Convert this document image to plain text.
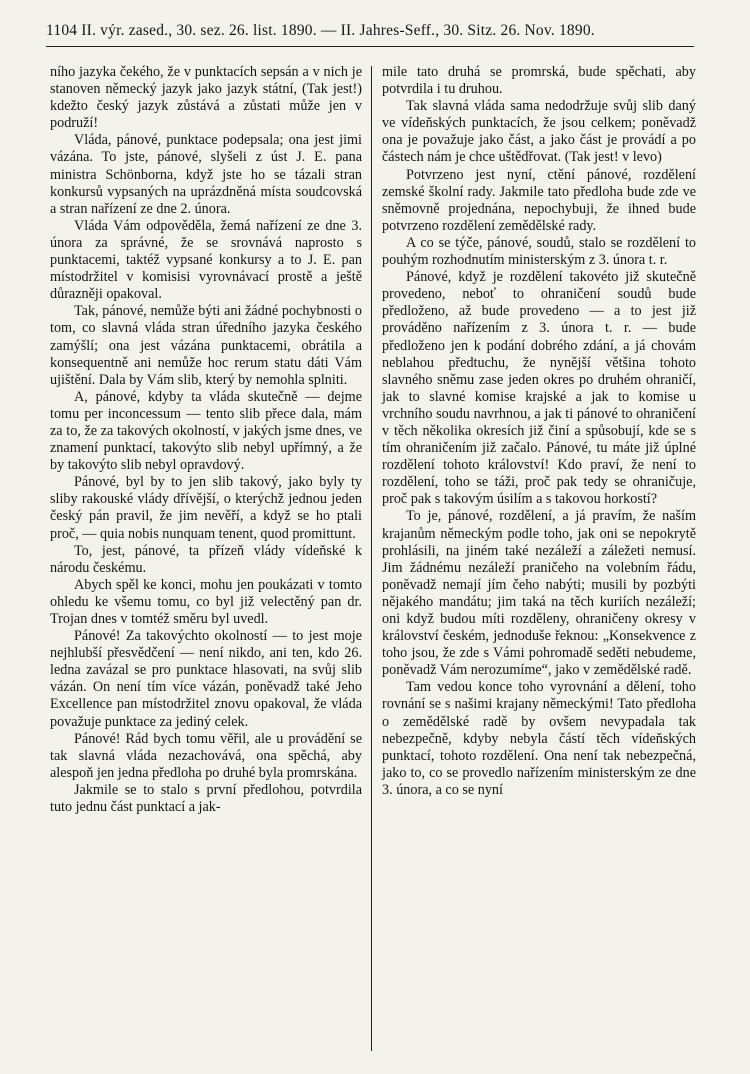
1104 II. výr. zased., 30. sez. 26. list. 1890. — II. Jahres-Seff., 30. Sitz. 26. Nov. 1890.

ního jazyka čekého, že v punktacích sepsán a v nich je stanoven německý jazyk jako jazyk státní, (Tak jest!) kdežto český jazyk zůstává a zůstati může jen v podruží!

Vláda, pánové, punktace podepsala; ona jest jimi vázána. To jste, pánové, slyšeli z úst J. E. pana ministra Schönborna, když jste ho se tázali stran konkursů vypsaných na uprázdněná místa soudcovská a stran nařízení ze dne 2. února.

Vláda Vám odpověděla, žemá nařízení ze dne 3. února za správné, že se srovnává naprosto s punktacemi, taktéž vypsané konkursy a to J. E. pan místodržitel v komisisi vyrovnávací prostě a ještě důrazněji opakoval.

Tak, pánové, nemůže býti ani žádné pochybnosti o tom, co slavná vláda stran úředního jazyka českého zamýšlí; ona jest vázána punktacemi, obrátila a konsequentně ani nemůže hoc rerum statu dáti Vám ujištění. Dala by Vám slib, který by nemohla splniti.

A, pánové, kdyby ta vláda skutečně — dejme tomu per inconcessum — tento slib přece dala, mám za to, že za takových okolností, v jakých jsme dnes, ve znamení punktací, takovýto slib nebyl upřímný, a že by takovýto slib nebyl opravdový.

Pánové, byl by to jen slib takový, jako byly ty sliby rakouské vlády dřívější, o kterýchž jednou jeden český pán pravil, že jim nevěří, a když se ho ptali proč, — quia nobis nunquam tenent, quod promittunt.

To, jest, pánové, ta přízeň vlády vídeňské k národu českému.

Abych spěl ke konci, mohu jen poukázati v tomto ohledu ke všemu tomu, co byl již velectěný pan dr. Trojan dnes v tomtéž směru byl uvedl.

Pánové! Za takovýchto okolností — to jest moje nejhlubší přesvědčení — není nikdo, ani ten, kdo 26. ledna zavázal se pro punktace hlasovati, na svůj slib vázán. On není tím více vázán, poněvadž také Jeho Excellence pan místodržitel znovu opakoval, že vláda považuje punktace za jediný celek.

Pánové! Rád bych tomu věřil, ale u provádění se tak slavná vláda nezachovává, ona spěchá, aby alespoň jen jedna předloha po druhé byla promrskána.

Jakmile se to stalo s první předlohou, potvrdila tuto jednu část punktací a jak-

mile tato druhá se promrská, bude spěchati, aby potvrdila i tu druhou.

Tak slavná vláda sama nedodržuje svůj slib daný ve vídeňských punktacích, že jsou celkem; poněvadž ona je považuje jako část, a jako část je provádí a po částech nám je chce uštědřovat. (Tak jest! v levo)

Potvrzeno jest nyní, ctění pánové, rozdělení zemské školní rady. Jakmile tato předloha bude zde ve sněmovně projednána, nepochybuji, že ihned bude potvrzeno rozdělení zemědělské rady.

A co se týče, pánové, soudů, stalo se rozdělení to pouhým rozhodnutím ministerským z 3. února t. r.

Pánové, když je rozdělení takovéto již skutečně provedeno, neboť to ohraničení soudů bude předloženo, až bude provedeno — a to jest již prováděno nařízením z 3. února t. r. — bude předloženo jen k podání dobrého zdání, a já chovám neblahou předtuchu, že nynější většina tohoto slavného sněmu zase jeden okres po druhém ohraničí, jak to slavné komise krajské a jak to komise u vrchního soudu navrhnou, a jak ti pánové to ohraničení v těch několika okresích již činí a spůsobují, kde se s tím ohraničením již začalo. Pánové, tu máte již úplné rozdělení tohoto království! Kdo praví, že není to rozdělení, toho se táži, proč pak tedy se ohraničuje, proč pak s takovým úsilím a s takovou horkostí?

To je, pánové, rozdělení, a já pravím, že naším krajanům německým podle toho, jak oni se nepokrytě prohlásili, na jiném také nezáleží a záležeti nemusí. Jim žádnému nezáleží praničeho na volebním řádu, poněvadž nemají jím čeho nabýti; musili by pozbýti nějakého mandátu; jim taká na těch kuriích nezáleží; oni když budou míti rozděleny, ohraničeny okresy v království českém, jednoduše řeknou: „Konsekvence z toho jsou, že zde s Vámi pohromadě seděti nebudeme, poněvadž Vám nerozumíme“, jako v zemědělské radě.

Tam vedou konce toho vyrovnání a dělení, toho rovnání se s našimi krajany německými! Tato předloha o zemědělské radě by ovšem nevypadala tak nebezpečně, kdyby nebyla částí těch vídeňských punktací, tohoto rozdělení. Ona není tak nebezpečná, jako to, co se provedlo nařízením ministerským ze dne 3. února, a co se nyní
